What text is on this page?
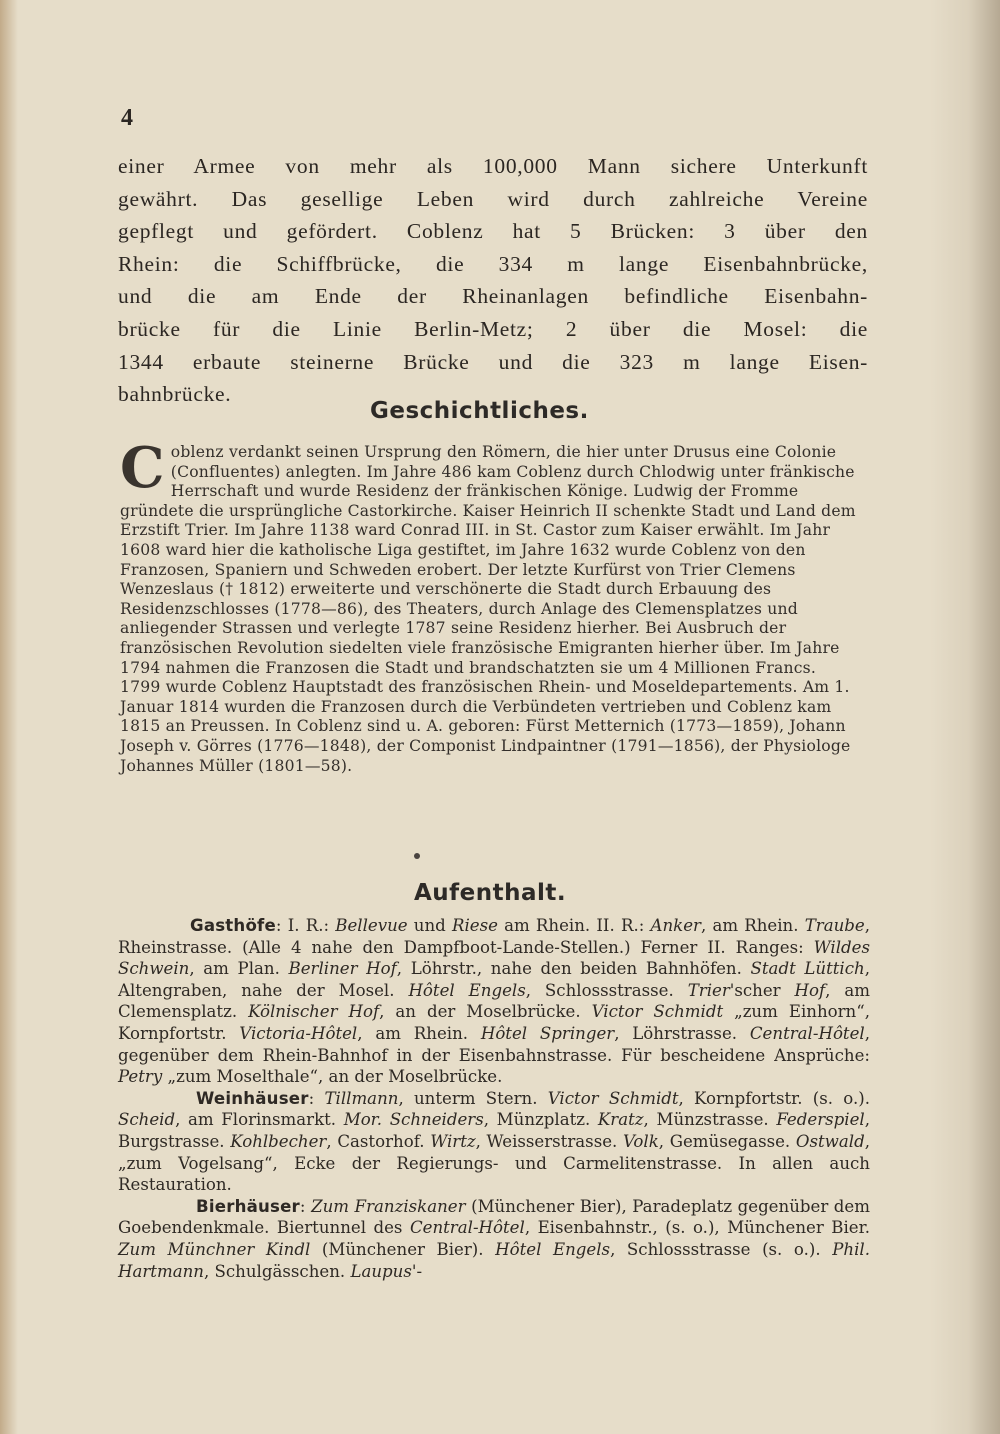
4
einer Armee von mehr als 100,000 Mann sichere Unterkunft
gewährt. Das gesellige Leben wird durch zahlreiche Vereine
gepflegt und gefördert. Coblenz hat 5 Brücken: 3 über den
Rhein: die Schiffbrücke, die 334 m lange Eisenbahnbrücke,
und die am Ende der Rheinanlagen befindliche Eisenbahn-
brücke für die Linie Berlin-Metz; 2 über die Mosel: die
1344 erbaute steinerne Brücke und die 323 m lange Eisen-
bahnbrücke.
Geschichtliches.
C oblenz verdankt seinen Ursprung den Römern, die hier unter Drusus eine Colonie (Confluentes) anlegten. Im Jahre 486 kam Coblenz durch Chlodwig unter fränkische Herrschaft und wurde Residenz der fränkischen Könige. Ludwig der Fromme gründete die ursprüngliche Castorkirche. Kaiser Heinrich II schenkte Stadt und Land dem Erzstift Trier. Im Jahre 1138 ward Conrad III. in St. Castor zum Kaiser erwählt. Im Jahr 1608 ward hier die katholische Liga gestiftet, im Jahre 1632 wurde Coblenz von den Franzosen, Spaniern und Schweden erobert. Der letzte Kurfürst von Trier Clemens Wenzeslaus († 1812) erweiterte und verschönerte die Stadt durch Erbauung des Residenzschlosses (1778—86), des Theaters, durch Anlage des Clemensplatzes und anliegender Strassen und verlegte 1787 seine Residenz hierher. Bei Ausbruch der französischen Revolution siedelten viele französische Emigranten hierher über. Im Jahre 1794 nahmen die Franzosen die Stadt und brandschatzten sie um 4 Millionen Francs. 1799 wurde Coblenz Hauptstadt des französischen Rhein- und Moseldepartements. Am 1. Januar 1814 wurden die Franzosen durch die Verbündeten vertrieben und Coblenz kam 1815 an Preussen. In Coblenz sind u. A. geboren: Fürst Metternich (1773—1859), Johann Joseph v. Görres (1776—1848), der Componist Lindpaintner (1791—1856), der Physiologe Johannes Müller (1801—58).
Aufenthalt.

Gasthöfe: I. R.: Bellevue und Riese am Rhein. II. R.: Anker, am Rhein. Traube, Rheinstrasse. (Alle 4 nahe den Dampfboot-Lande-Stellen.) Ferner II. Ranges: Wildes Schwein, am Plan. Berliner Hof, Löhrstr., nahe den beiden Bahnhöfen. Stadt Lüttich, Altengraben, nahe der Mosel. Hôtel Engels, Schlossstrasse. Trier'scher Hof, am Clemensplatz. Kölnischer Hof, an der Moselbrücke. Victor Schmidt „zum Einhorn“, Kornpfortstr. Victoria-Hôtel, am Rhein. Hôtel Springer, Löhrstrasse. Central-Hôtel, gegenüber dem Rhein-Bahnhof in der Eisenbahnstrasse. Für bescheidene Ansprüche: Petry „zum Moselthale“, an der Moselbrücke.

Weinhäuser: Tillmann, unterm Stern. Victor Schmidt, Kornpfortstr. (s. o.). Scheid, am Florinsmarkt. Mor. Schneiders, Münzplatz. Kratz, Münzstrasse. Federspiel, Burgstrasse. Kohlbecher, Castorhof. Wirtz, Weisserstrasse. Volk, Gemüsegasse. Ostwald, „zum Vogelsang“, Ecke der Regierungs- und Carmelitenstrasse. In allen auch Restauration.

Bierhäuser: Zum Franziskaner (Münchener Bier), Paradeplatz gegenüber dem Goebendenkmale. Biertunnel des Central-Hôtel, Eisenbahnstr., (s. o.), Münchener Bier. Zum Münchner Kindl (Münchener Bier). Hôtel Engels, Schlossstrasse (s. o.). Phil. Hartmann, Schulgässchen. Laupus'-
